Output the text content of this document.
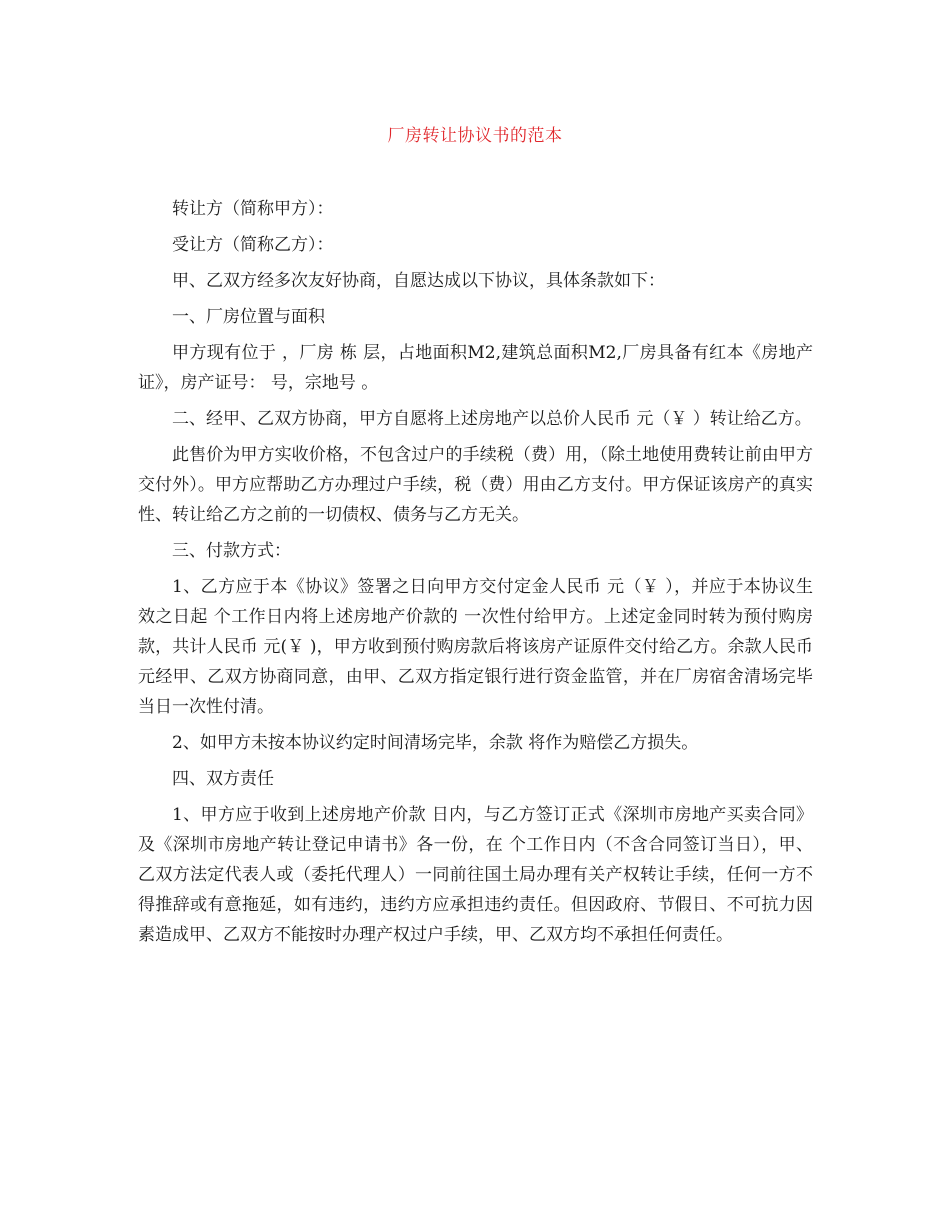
厂房转让协议书的范本

转让方（简称甲方）：

受让方（简称乙方）：

甲、乙双方经多次友好协商，自愿达成以下协议，具体条款如下：

一、厂房位置与面积

甲方现有位于 ，厂房 栋 层，占地面积M2,建筑总面积M2,厂房具备有红本《房地产证》，房产证号： 号，宗地号 。

二、经甲、乙双方协商，甲方自愿将上述房地产以总价人民币 元（￥ ）转让给乙方。

此售价为甲方实收价格，不包含过户的手续税（费）用，（除土地使用费转让前由甲方交付外）。甲方应帮助乙方办理过户手续，税（费）用由乙方支付。甲方保证该房产的真实性、转让给乙方之前的一切债权、债务与乙方无关。

三、付款方式：

1、乙方应于本《协议》签署之日向甲方交付定金人民币 元（￥ ），并应于本协议生效之日起 个工作日内将上述房地产价款的 一次性付给甲方。上述定金同时转为预付购房款，共计人民币 元(￥ )，甲方收到预付购房款后将该房产证原件交付给乙方。余款人民币 元经甲、乙双方协商同意，由甲、乙双方指定银行进行资金监管，并在厂房宿舍清场完毕当日一次性付清。

2、如甲方未按本协议约定时间清场完毕，余款 将作为赔偿乙方损失。

四、双方责任

1、甲方应于收到上述房地产价款 日内，与乙方签订正式《深圳市房地产买卖合同》及《深圳市房地产转让登记申请书》各一份，在 个工作日内（不含合同签订当日），甲、乙双方法定代表人或（委托代理人）一同前往国土局办理有关产权转让手续，任何一方不得推辞或有意拖延，如有违约，违约方应承担违约责任。但因政府、节假日、不可抗力因素造成甲、乙双方不能按时办理产权过户手续，甲、乙双方均不承担任何责任。
